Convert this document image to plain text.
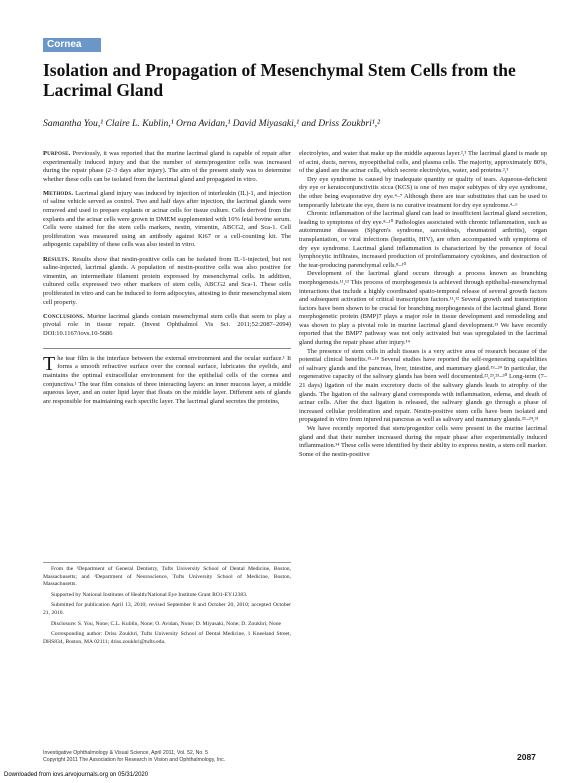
Cornea
Isolation and Propagation of Mesenchymal Stem Cells from the Lacrimal Gland
Samantha You,¹ Claire L. Kublin,¹ Orna Avidan,¹ David Miyasaki,¹ and Driss Zoukbri¹,²

Purpose. Previously, it was reported that the murine lacrimal gland is capable of repair after experimentally induced injury and that the number of stem/progenitor cells was increased during the repair phase (2–3 days after injury). The aim of the present study was to determine whether these cells can be isolated from the lacrimal gland and propagated in vitro.

Methods. Lacrimal gland injury was induced by injection of interleukin (IL)-1, and injection of saline vehicle served as control. Two and half days after injection, the lacrimal glands were removed and used to prepare explants or acinar cells for tissue culture. Cells derived from the explants and the acinar cells were grown in DMEM supplemented with 10% fetal bovine serum. Cells were stained for the stem cells markers, nestin, vimentin, ABCG2, and Sca-1. Cell proliferation was measured using an antibody against Ki67 or a cell-counting kit. The adipogenic capability of these cells was also tested in vitro.

Results. Results show that nestin-positive cells can be isolated from IL-1-injected, but not saline-injected, lacrimal glands. A population of nestin-positive cells was also positive for vimentin, an intermediate filament protein expressed by mesenchymal cells. In addition, cultured cells expressed two other markers of stem cells, ABCG2 and Sca-1. These cells proliferated in vitro and can be induced to form adipocytes, attesting to their mesenchymal stem cell property.

Conclusions. Murine lacrimal glands contain mesenchymal stem cells that seem to play a pivotal role in tissue repair. (Invest Ophthalmol Vis Sci. 2011;52:2087–2094) DOI:10.1167/iovs.10-5686

The tear film is the interface between the external environment and the ocular surface.¹ It forms a smooth refractive surface over the corneal surface, lubricates the eyelids, and maintains the optimal extracellular environment for the epithelial cells of the cornea and conjunctiva.¹ The tear film consists of three interacting layers: an inner mucous layer, a middle aqueous layer, and an outer lipid layer that floats on the middle layer. Different sets of glands are responsible for maintaining each specific layer. The lacrimal gland secretes the proteins,

From the ¹Department of General Dentistry, Tufts University School of Dental Medicine, Boston, Massachusetts; and ²Department of Neuroscience, Tufts University School of Medicine, Boston, Massachusetts.

Supported by National Institutes of Health/National Eye Institute Grant RO1-EY12383.

Submitted for publication April 13, 2010; revised September 8 and October 20, 2010; accepted October 21, 2010.

Disclosure: S. You, None; C.L. Kublin, None; O. Avidan, None; D. Miyasaki, None; D. Zoukhri, None

Corresponding author: Driss Zoukhri, Tufts University School of Dental Medicine, 1 Kneeland Street, DHS834, Boston, MA 02111; driss.zoukhri@tufts.edu.

electrolytes, and water that make up the middle aqueous layer.²,³ The lacrimal gland is made up of acini, ducts, nerves, myoepithelial cells, and plasma cells. The majority, approximately 80%, of the gland are the acinar cells, which secrete electrolytes, water, and proteins.²,³

Dry eye syndrome is caused by inadequate quantity or quality of tears. Aqueous-deficient dry eye or keratoconjunctivitis sicca (KCS) is one of two major subtypes of dry eye syndrome, the other being evaporative dry eye.⁴–⁷ Although there are tear substitutes that can be used to temporarily lubricate the eye, there is no curative treatment for dry eye syndrome.⁴–⁶

Chronic inflammation of the lacrimal gland can lead to insufficient lacrimal gland secretion, leading to symptoms of dry eye.⁸–¹⁰ Pathologies associated with chronic inflammation, such as autoimmune diseases (Sjögren's syndrome, sarcoidosis, rheumatoid arthritis), organ transplantation, or viral infections (hepatitis, HIV), are often accompanied with symptoms of dry eye syndrome. Lacrimal gland inflammation is characterized by the presence of focal lymphocytic infiltrates, increased production of proinflammatory cytokines, and destruction of the tear-producing parenchymal cells.⁸–¹⁰

Development of the lacrimal gland occurs through a process known as branching morphogenesis.¹¹,¹² This process of morphogenesis is achieved through epithelial-mesenchymal interactions that include a highly coordinated spatio-temporal release of several growth factors and subsequent activation of critical transcription factors.¹¹,¹² Several growth and transcription factors have been shown to be crucial for branching morphogenesis of the lacrimal gland. Bone morphogenetic protein (BMP)7 plays a major role in tissue development and remodeling and was shown to play a pivotal role in murine lacrimal gland development.¹³ We have recently reported that the BMP7 pathway was not only activated but was upregulated in the lacrimal gland during the repair phase after injury.¹⁴

The presence of stem cells in adult tissues is a very active area of research because of the potential clinical benefits.¹⁵–¹⁸ Several studies have reported the self-regenerating capabilities of salivary glands and the pancreas, liver, intestine, and mammary gland.¹⁹–²⁴ In particular, the regenerative capacity of the salivary glands has been well documented.²²,²³,²⁵–³⁰ Long-term (7–21 days) ligation of the main excretory ducts of the salivary glands leads to atrophy of the glands. The ligation of the salivary gland corresponds with inflammation, edema, and death of acinar cells. After the duct ligation is released, the salivary glands go through a phase of increased cellular proliferation and repair. Nestin-positive stem cells have been isolated and propagated in vitro from injured rat pancreas as well as salivary and mammary glands.²³–²⁴,³¹

We have recently reported that stem/progenitor cells were present in the murine lacrimal gland and that their number increased during the repair phase after experimentally induced inflammation.¹⁴ These cells were identified by their ability to express nestin, a stem cell marker. Some of the nestin-positive

Investigative Ophthalmology & Visual Science, April 2011, Vol. 52, No. 5
Copyright 2011 The Association for Research in Vision and Ophthalmology, Inc.	2087
Downloaded from iovs.arvojournals.org on 05/31/2020
